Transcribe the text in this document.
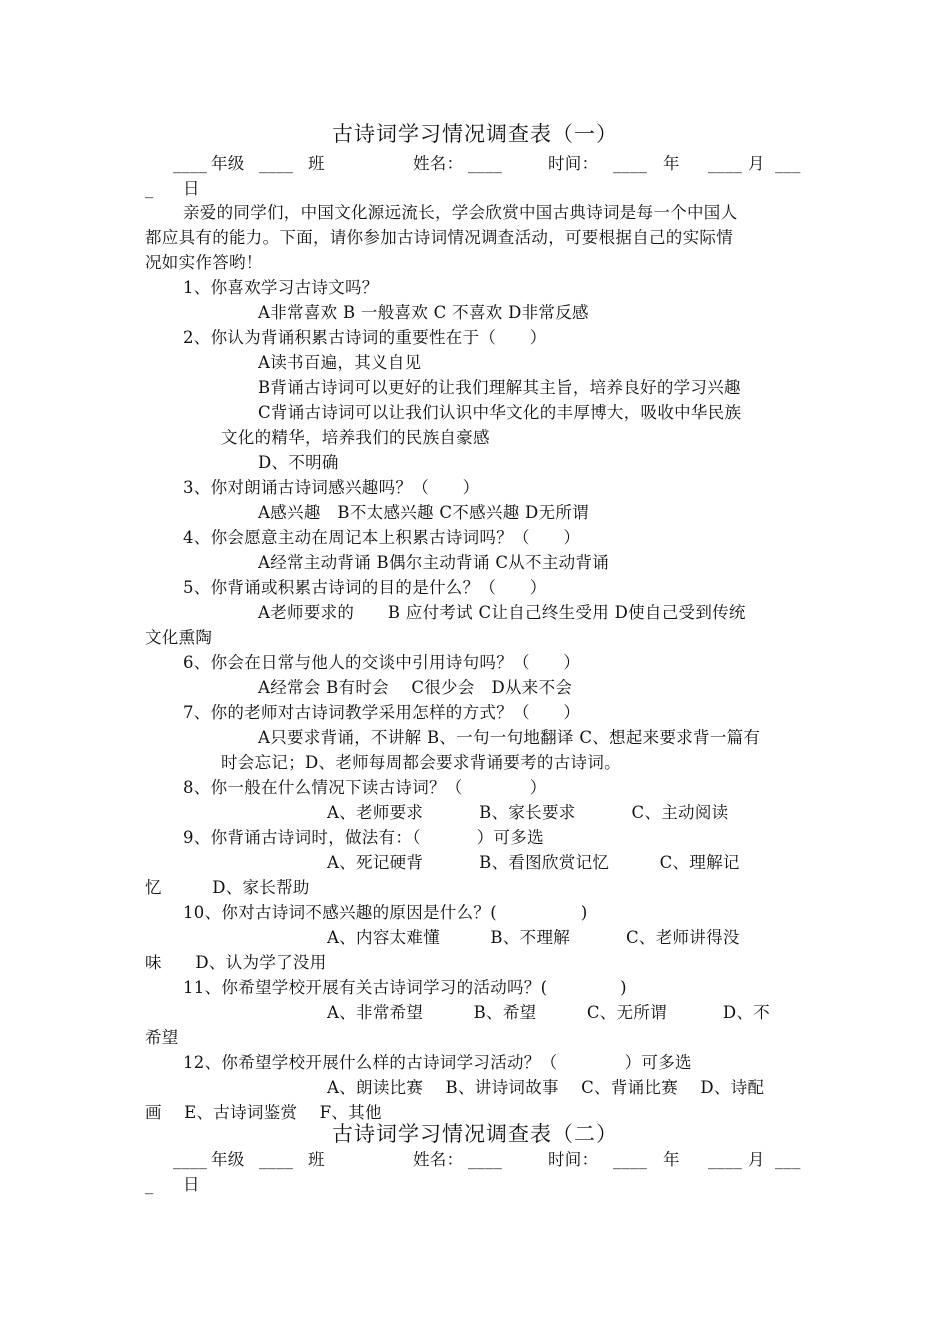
古诗词学习情况调查表（一）
____ 年级 ____ 班	姓名： ____	时间： ____ 年 ____ 月 ___
_ 日
亲爱的同学们，中国文化源远流长，学会欣赏中国古典诗词是每一个中国人
都应具有的能力。下面，请你参加古诗词情况调查活动，可要根据自己的实际情
况如实作答哟！
1、你喜欢学习古诗文吗？
A非常喜欢 B 一般喜欢 C 不喜欢 D非常反感
2、你认为背诵积累古诗词的重要性在于（　　）
A读书百遍，其义自见
B背诵古诗词可以更好的让我们理解其主旨，培养良好的学习兴趣
C背诵古诗词可以让我们认识中华文化的丰厚博大，吸收中华民族
文化的精华，培养我们的民族自豪感
D、不明确
3、你对朗诵古诗词感兴趣吗？（　　）
A感兴趣　B不太感兴趣 C不感兴趣 D无所谓
4、你会愿意主动在周记本上积累古诗词吗？（　　）
A经常主动背诵 B偶尔主动背诵 C从不主动背诵
5、你背诵或积累古诗词的目的是什么？（　　）
A老师要求的　　B 应付考试 C让自己终生受用 D使自己受到传统
文化熏陶
6、你会在日常与他人的交谈中引用诗句吗？（　　）
A经常会 B有时会　 C很少会　D从来不会
7、你的老师对古诗词教学采用怎样的方式？（　　）
A只要求背诵，不讲解 B、一句一句地翻译 C、想起来要求背一篇有
时会忘记；D、老师每周都会要求背诵要考的古诗词。
8、你一般在什么情况下读古诗词？（　　　　）
A、老师要求　　　 B、家长要求　　　 C、主动阅读
9、你背诵古诗词时，做法有：（　　　 ）可多选
A、死记硬背　　　 B、看图欣赏记忆　　　C、理解记
忆　　　D、家长帮助
10、你对古诗词不感兴趣的原因是什么？(　　　　　)
A、内容太难懂　　　B、不理解　　　 C、老师讲得没
味　　D、认为学了没用
11、你希望学校开展有关古诗词学习的活动吗？(　　　　 )
A、非常希望　　　B、希望　　　C、无所谓　　　 D、不
希望
12、你希望学校开展什么样的古诗词学习活动？（　　　　）可多选
A、朗读比赛　 B、讲诗词故事　 C、背诵比赛　 D、诗配
画　 E、古诗词鉴赏　 F、其他
古诗词学习情况调查表（二）
____ 年级 ____ 班	姓名： ____	时间： ____ 年 ____ 月 ___
_ 日
